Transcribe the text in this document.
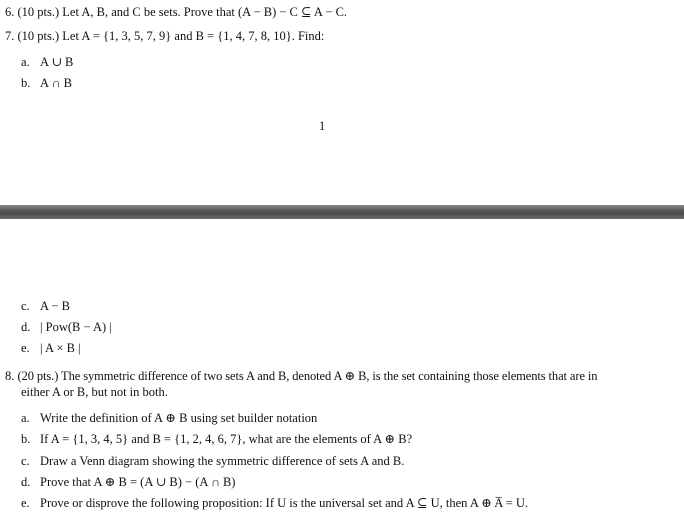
6. (10 pts.) Let A, B, and C be sets. Prove that (A − B) − C ⊆ A − C.
7. (10 pts.) Let A = {1, 3, 5, 7, 9} and B = {1, 4, 7, 8, 10}. Find:
a. A ∪ B
b. A ∩ B
1
c. A − B
d. | Pow(B − A) |
e. | A × B |
8. (20 pts.) The symmetric difference of two sets A and B, denoted A ⊕ B, is the set containing those elements that are in
either A or B, but not in both.
a. Write the definition of A ⊕ B using set builder notation
b. If A = {1, 3, 4, 5} and B = {1, 2, 4, 6, 7}, what are the elements of A ⊕ B?
c. Draw a Venn diagram showing the symmetric difference of sets A and B.
d. Prove that A ⊕ B = (A ∪ B) − (A ∩ B)
e. Prove or disprove the following proposition: If U is the universal set and A ⊆ U, then A ⊕ A̅ = U.
